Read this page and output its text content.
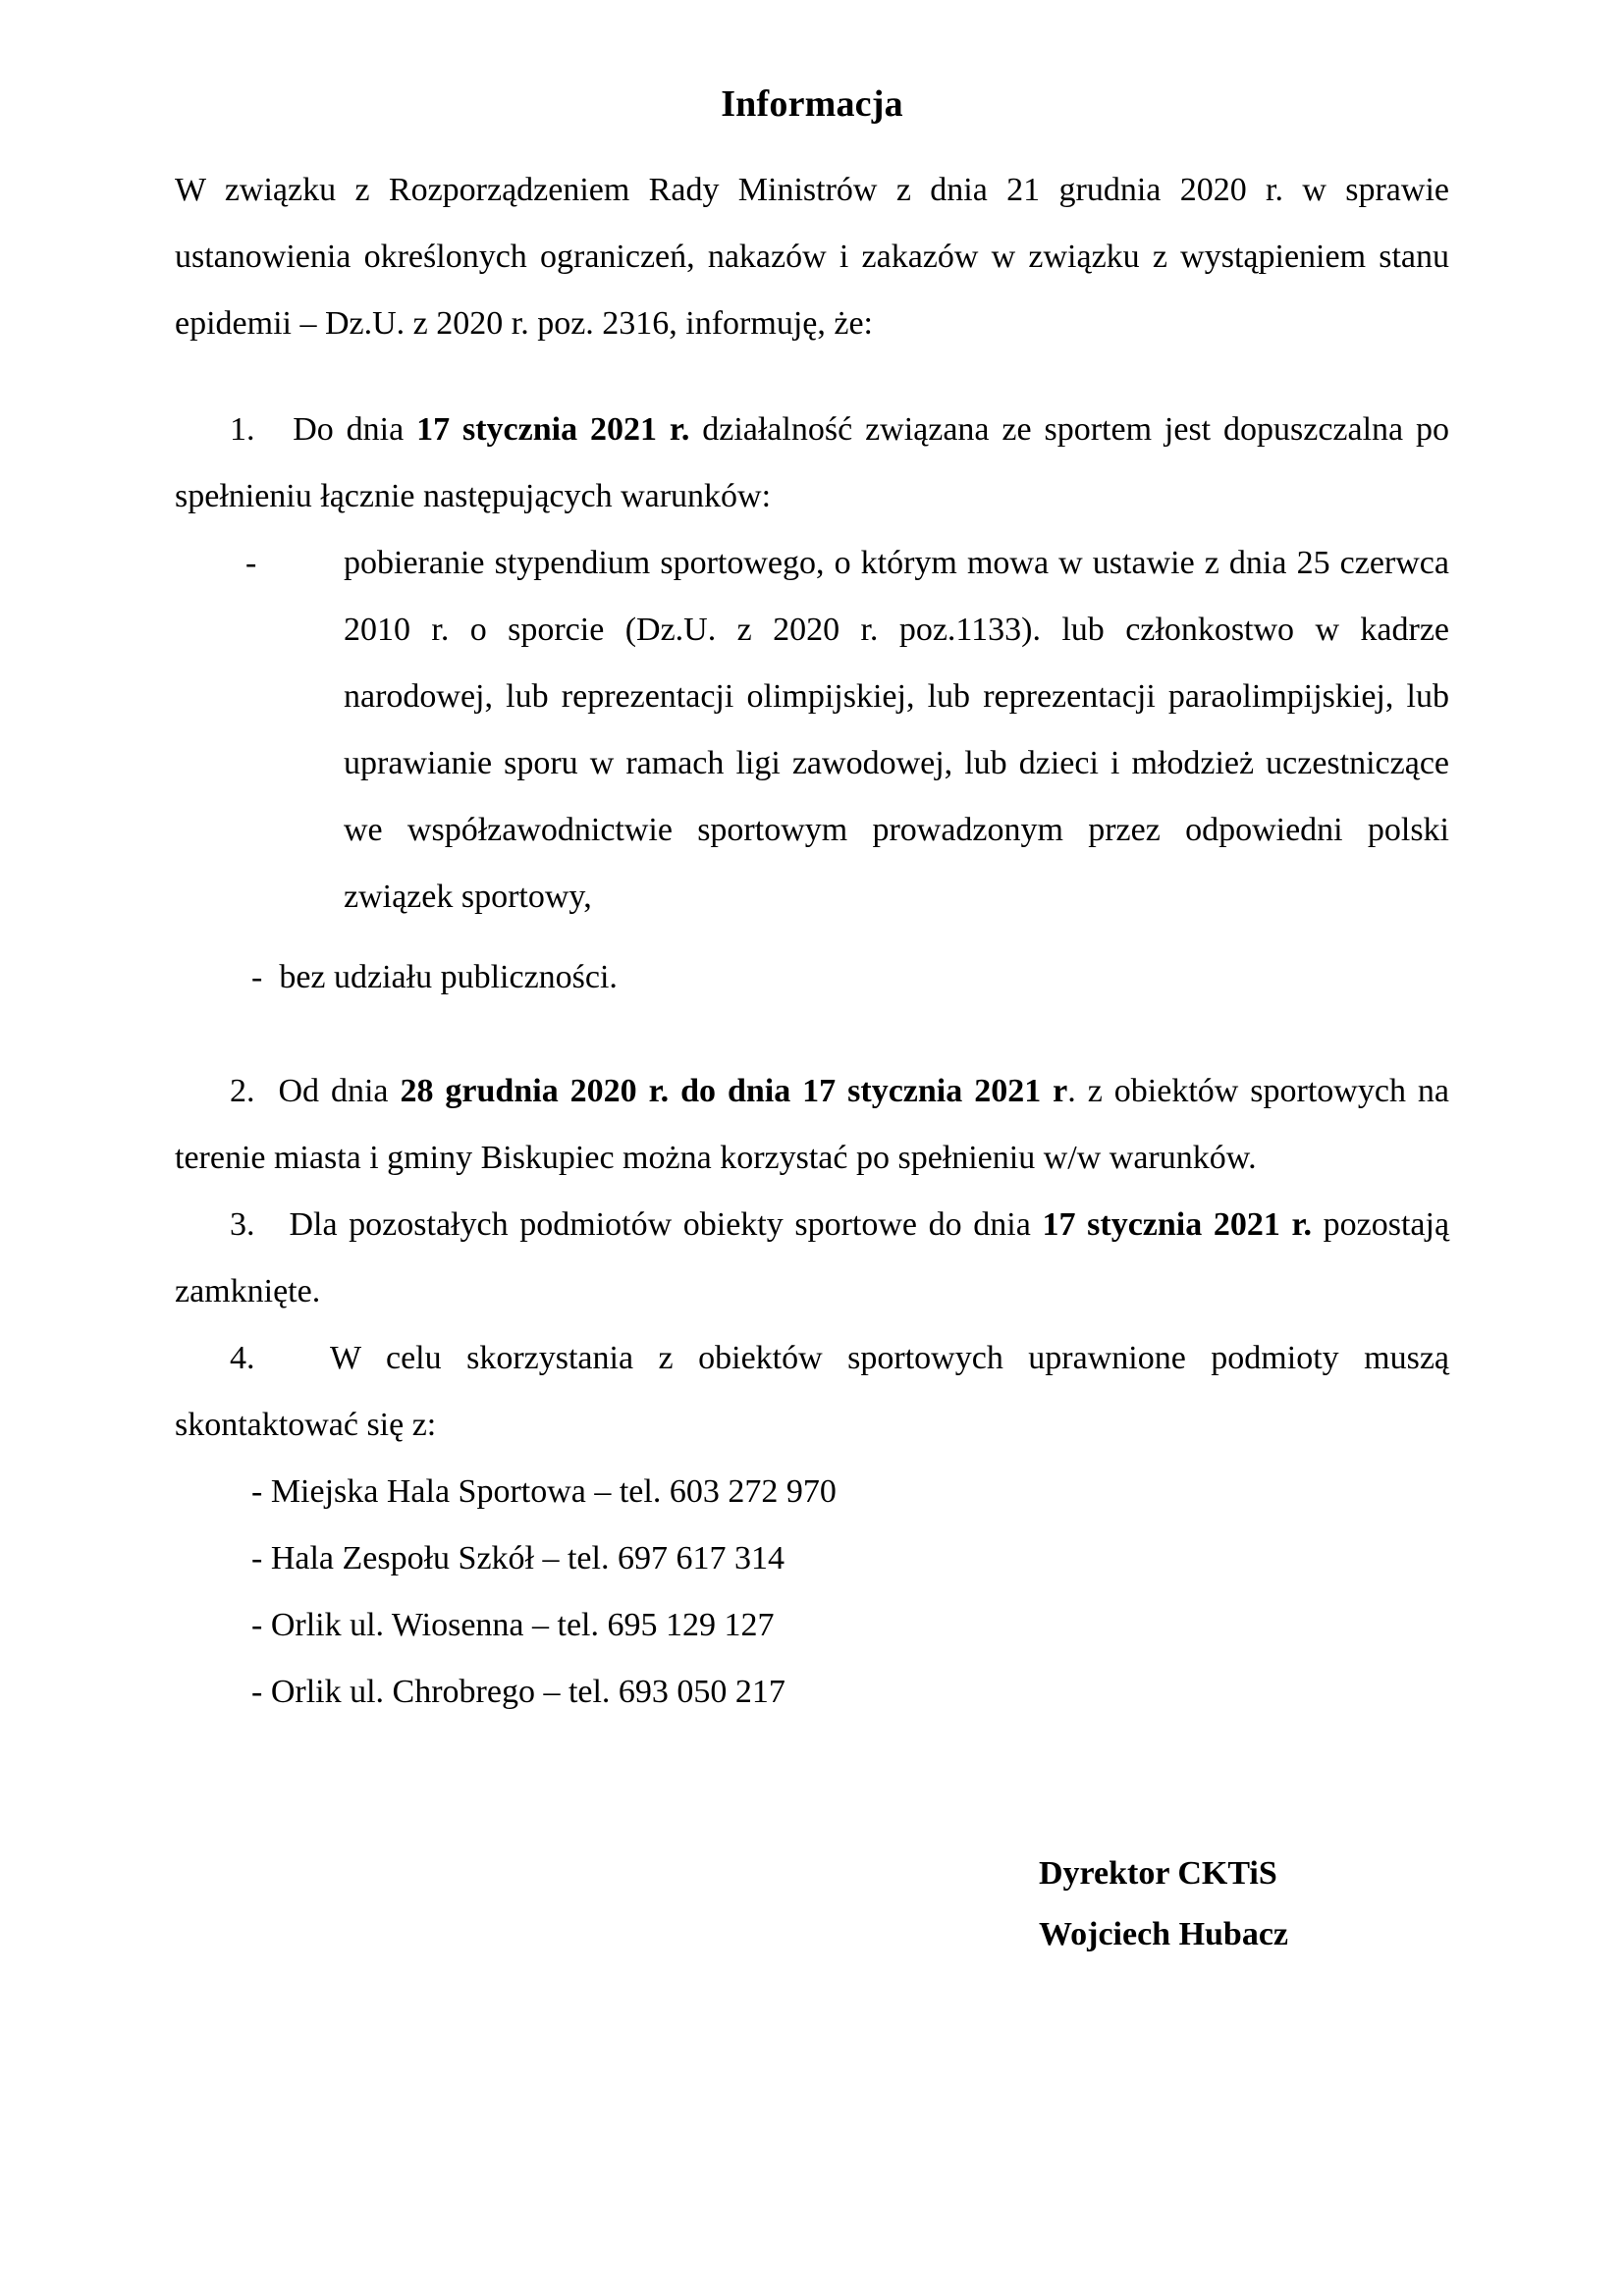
Informacja

W związku z Rozporządzeniem Rady Ministrów z dnia 21 grudnia 2020 r. w sprawie ustanowienia określonych ograniczeń, nakazów i zakazów w związku z wystąpieniem stanu epidemii – Dz.U. z 2020 r. poz. 2316, informuję, że:

1. Do dnia 17 stycznia 2021 r. działalność związana ze sportem jest dopuszczalna po spełnieniu łącznie następujących warunków:

-	pobieranie stypendium sportowego, o którym mowa w ustawie z dnia 25 czerwca 2010 r. o sporcie (Dz.U. z 2020 r. poz.1133). lub członkostwo w kadrze narodowej, lub reprezentacji olimpijskiej, lub reprezentacji paraolimpijskiej, lub uprawianie sporu w ramach ligi zawodowej, lub dzieci i młodzież uczestniczące we współzawodnictwie sportowym prowadzonym przez odpowiedni polski związek sportowy,

- bez udziału publiczności.

2. Od dnia 28 grudnia 2020 r. do dnia 17 stycznia 2021 r. z obiektów sportowych na terenie miasta i gminy Biskupiec można korzystać po spełnieniu w/w warunków.

3. Dla pozostałych podmiotów obiekty sportowe do dnia 17 stycznia 2021 r. pozostają zamknięte.

4. W celu skorzystania z obiektów sportowych uprawnione podmioty muszą skontaktować się z:

- Miejska Hala Sportowa – tel. 603 272 970
- Hala Zespołu Szkół – tel. 697 617 314
- Orlik ul. Wiosenna – tel. 695 129 127
- Orlik ul. Chrobrego – tel. 693 050 217
Dyrektor CKTiS
Wojciech Hubacz
